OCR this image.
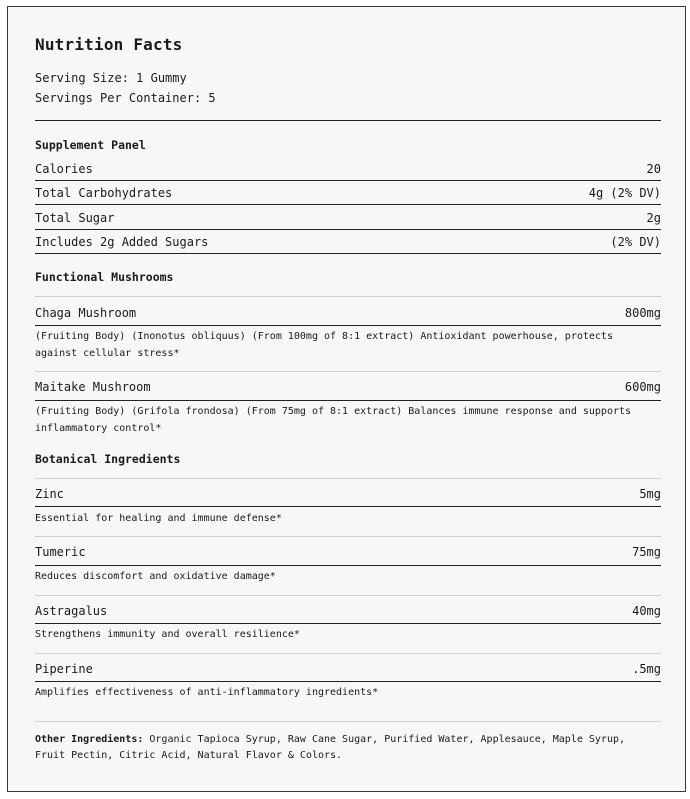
Nutrition Facts
Serving Size: 1 Gummy
Servings Per Container: 5
Supplement Panel
Calories	20
Total Carbohydrates	4g (2% DV)
Total Sugar	2g
Includes 2g Added Sugars	(2% DV)
Functional Mushrooms
Chaga Mushroom	800mg
(Fruiting Body) (Inonotus obliquus) (From 100mg of 8:1 extract) Antioxidant powerhouse, protects against cellular stress*
Maitake Mushroom	600mg
(Fruiting Body) (Grifola frondosa) (From 75mg of 8:1 extract) Balances immune response and supports inflammatory control*
Botanical Ingredients
Zinc	5mg
Essential for healing and immune defense*
Tumeric	75mg
Reduces discomfort and oxidative damage*
Astragalus	40mg
Strengthens immunity and overall resilience*
Piperine	.5mg
Amplifies effectiveness of anti-inflammatory ingredients*
Other Ingredients: Organic Tapioca Syrup, Raw Cane Sugar, Purified Water, Applesauce, Maple Syrup, Fruit Pectin, Citric Acid, Natural Flavor & Colors.
